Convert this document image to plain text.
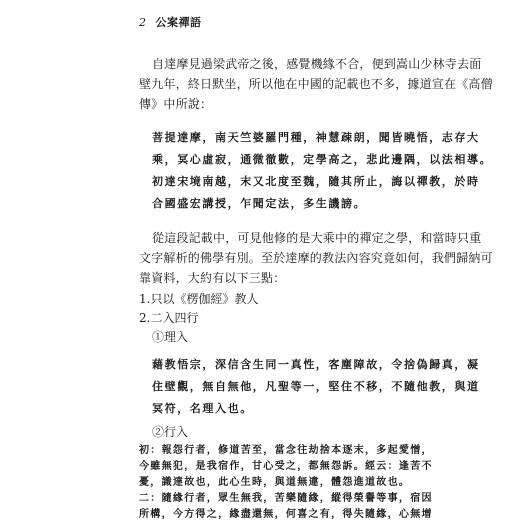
2 公案禪語
自達摩見過梁武帝之後，感覺機緣不合，便到嵩山少林寺去面
壁九年，終日默坐，所以他在中國的記載也不多，據道宣在《高僧
傳》中所說：
菩提達摩，南天竺婆羅門種，神慧疎朗，聞皆曉悟，志存大
乘，冥心虛寂，通微徹數，定學高之，悲此邊隅，以法相導。
初達宋境南越，末又北度至魏，隨其所止，誨以禪教，於時
合國盛宏講授，乍聞定法，多生譏謗。
從這段記載中，可見他修的是大乘中的禪定之學，和當時只重
文字解析的佛學有別。至於達摩的教法內容究竟如何，我們歸納可
靠資料，大約有以下三點：
1.只以《楞伽經》教人
2.二入四行
①理入
藉教悟宗，深信含生同一真性，客塵障故，令捨偽歸真，凝
住壁觀，無自無他，凡聖等一，堅住不移，不隨他教，與道
冥符，名理入也。
②行入
初：報怨行者，修道苦至，當念往劫捨本逐末，多起愛憎，
今雖無犯，是我宿作，甘心受之，都無怨訴。經云：逢苦不
憂，識達故也，此心生時，與道無違，體怨進道故也。
二：隨緣行者，眾生無我，苦樂隨緣，縱得榮譽等事，宿因
所構，今方得之，緣盡還無，何喜之有，得失隨緣，心無增
